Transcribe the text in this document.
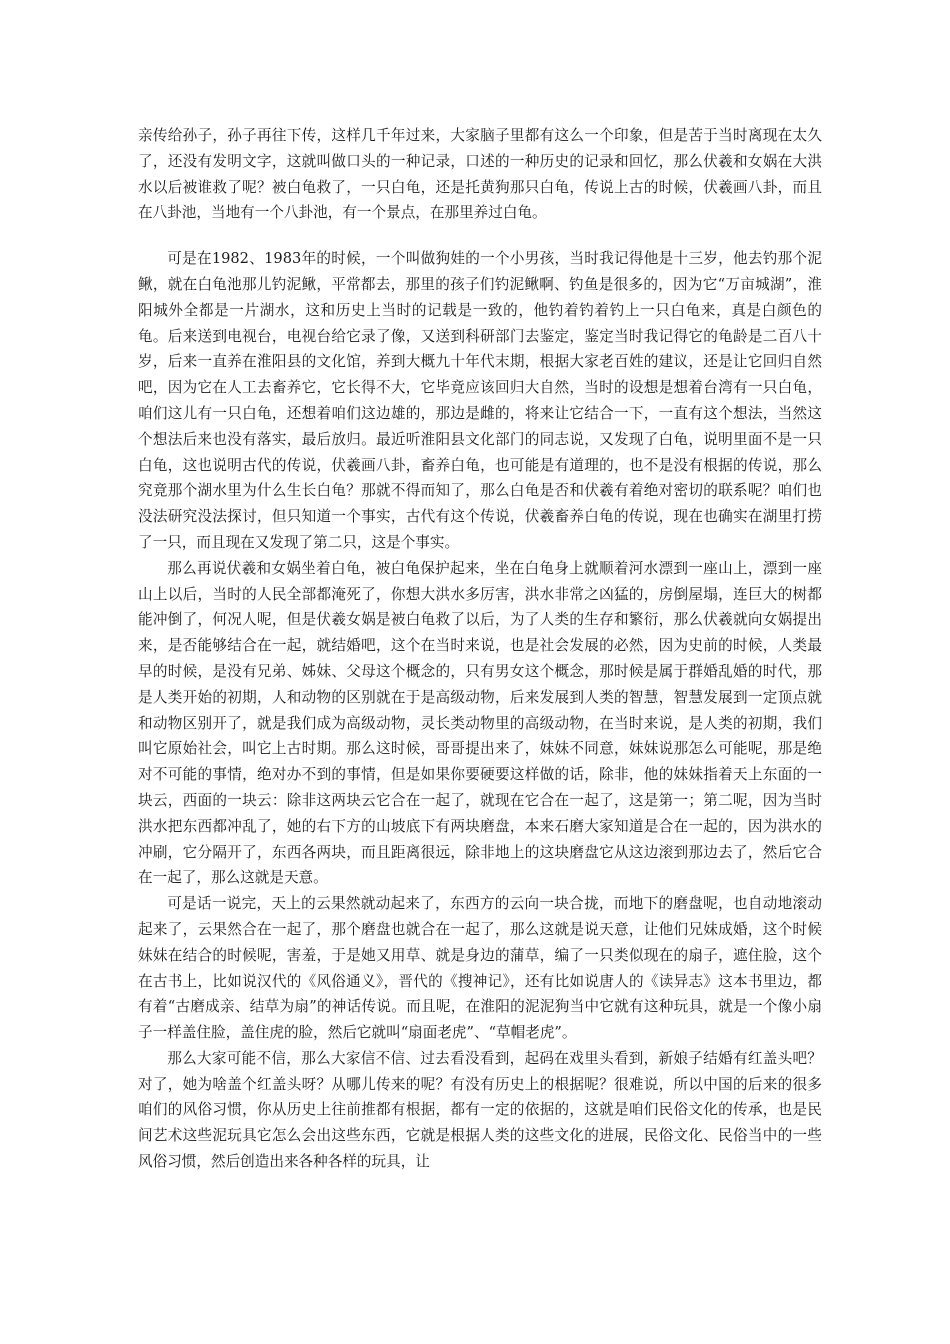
亲传给孙子，孙子再往下传，这样几千年过来，大家脑子里都有这么一个印象，但是苦于当时离现在太久了，还没有发明文字，这就叫做口头的一种记录，口述的一种历史的记录和回忆，那么伏羲和女娲在大洪水以后被谁救了呢？被白龟救了，一只白龟，还是托黄狗那只白龟，传说上古的时候，伏羲画八卦，而且在八卦池，当地有一个八卦池，有一个景点，在那里养过白龟。

可是在1982、1983年的时候，一个叫做狗娃的一个小男孩，当时我记得他是十三岁，他去钓那个泥鳅，就在白龟池那儿钓泥鳅，平常都去，那里的孩子们钓泥鳅啊、钓鱼是很多的，因为它“万亩城湖”，淮阳城外全都是一片湖水，这和历史上当时的记载是一致的，他钓着钓着钓上一只白龟来，真是白颜色的龟。后来送到电视台，电视台给它录了像，又送到科研部门去鉴定，鉴定当时我记得它的龟龄是二百八十岁，后来一直养在淮阳县的文化馆，养到大概九十年代末期，根据大家老百姓的建议，还是让它回归自然吧，因为它在人工去畜养它，它长得不大，它毕竟应该回归大自然，当时的设想是想着台湾有一只白龟，咱们这儿有一只白龟，还想着咱们这边雄的，那边是雌的，将来让它结合一下，一直有这个想法，当然这个想法后来也没有落实，最后放归。最近听淮阳县文化部门的同志说，又发现了白龟，说明里面不是一只白龟，这也说明古代的传说，伏羲画八卦，畜养白龟，也可能是有道理的，也不是没有根据的传说，那么究竟那个湖水里为什么生长白龟？那就不得而知了，那么白龟是否和伏羲有着绝对密切的联系呢？咱们也没法研究没法探讨，但只知道一个事实，古代有这个传说，伏羲畜养白龟的传说，现在也确实在湖里打捞了一只，而且现在又发现了第二只，这是个事实。

那么再说伏羲和女娲坐着白龟，被白龟保护起来，坐在白龟身上就顺着河水漂到一座山上，漂到一座山上以后，当时的人民全部都淹死了，你想大洪水多厉害，洪水非常之凶猛的，房倒屋塌，连巨大的树都能冲倒了，何况人呢，但是伏羲女娲是被白龟救了以后，为了人类的生存和繁衍，那么伏羲就向女娲提出来，是否能够结合在一起，就结婚吧，这个在当时来说，也是社会发展的必然，因为史前的时候，人类最早的时候，是没有兄弟、姊妹、父母这个概念的，只有男女这个概念，那时候是属于群婚乱婚的时代，那是人类开始的初期，人和动物的区别就在于是高级动物，后来发展到人类的智慧，智慧发展到一定顶点就和动物区别开了，就是我们成为高级动物，灵长类动物里的高级动物，在当时来说，是人类的初期，我们叫它原始社会，叫它上古时期。那么这时候，哥哥提出来了，妹妹不同意，妹妹说那怎么可能呢，那是绝对不可能的事情，绝对办不到的事情，但是如果你要硬要这样做的话，除非，他的妹妹指着天上东面的一块云，西面的一块云：除非这两块云它合在一起了，就现在它合在一起了，这是第一；第二呢，因为当时洪水把东西都冲乱了，她的右下方的山坡底下有两块磨盘，本来石磨大家知道是合在一起的，因为洪水的冲刷，它分隔开了，东西各两块，而且距离很远，除非地上的这块磨盘它从这边滚到那边去了，然后它合在一起了，那么这就是天意。

可是话一说完，天上的云果然就动起来了，东西方的云向一块合拢，而地下的磨盘呢，也自动地滚动起来了，云果然合在一起了，那个磨盘也就合在一起了，那么这就是说天意，让他们兄妹成婚，这个时候妹妹在结合的时候呢，害羞，于是她又用草、就是身边的蒲草，编了一只类似现在的扇子，遮住脸，这个在古书上，比如说汉代的《风俗通义》，晋代的《搜神记》，还有比如说唐人的《读异志》这本书里边，都有着“古磨成亲、结草为扇”的神话传说。而且呢，在淮阳的泥泥狗当中它就有这种玩具，就是一个像小扇子一样盖住脸，盖住虎的脸，然后它就叫“扇面老虎”、“草帽老虎”。

那么大家可能不信，那么大家信不信、过去看没看到，起码在戏里头看到，新娘子结婚有红盖头吧？对了，她为啥盖个红盖头呀？从哪儿传来的呢？有没有历史上的根据呢？很难说，所以中国的后来的很多咱们的风俗习惯，你从历史上往前推都有根据，都有一定的依据的，这就是咱们民俗文化的传承，也是民间艺术这些泥玩具它怎么会出这些东西，它就是根据人类的这些文化的进展，民俗文化、民俗当中的一些风俗习惯，然后创造出来各种各样的玩具，让
